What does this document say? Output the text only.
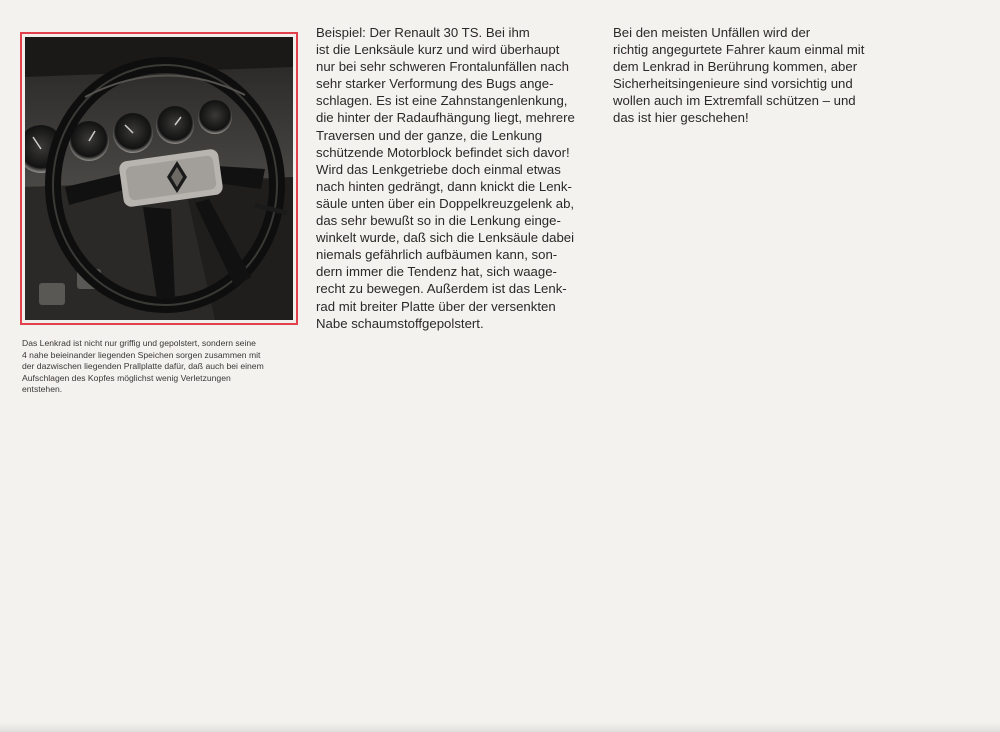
Das Lenkrad ist nicht nur griffig und gepolstert, sondern seine
4 nahe beieinander liegenden Speichen sorgen zusammen mit
der dazwischen liegenden Prallplatte dafür, daß auch bei einem
Aufschlagen des Kopfes möglichst wenig Verletzungen
entstehen.

Beispiel: Der Renault 30 TS. Bei ihm
ist die Lenksäule kurz und wird überhaupt
nur bei sehr schweren Frontalunfällen nach
sehr starker Verformung des Bugs ange-
schlagen. Es ist eine Zahnstangenlenkung,
die hinter der Radaufhängung liegt, mehrere
Traversen und der ganze, die Lenkung
schützende Motorblock befindet sich davor!
Wird das Lenkgetriebe doch einmal etwas
nach hinten gedrängt, dann knickt die Lenk-
säule unten über ein Doppelkreuzgelenk ab,
das sehr bewußt so in die Lenkung einge-
winkelt wurde, daß sich die Lenksäule dabei
niemals gefährlich aufbäumen kann, son-
dern immer die Tendenz hat, sich waage-
recht zu bewegen. Außerdem ist das Lenk-
rad mit breiter Platte über der versenkten
Nabe schaumstoffgepolstert.

Bei den meisten Unfällen wird der
richtig angegurtete Fahrer kaum einmal mit
dem Lenkrad in Berührung kommen, aber
Sicherheitsingenieure sind vorsichtig und
wollen auch im Extremfall schützen – und
das ist hier geschehen!
